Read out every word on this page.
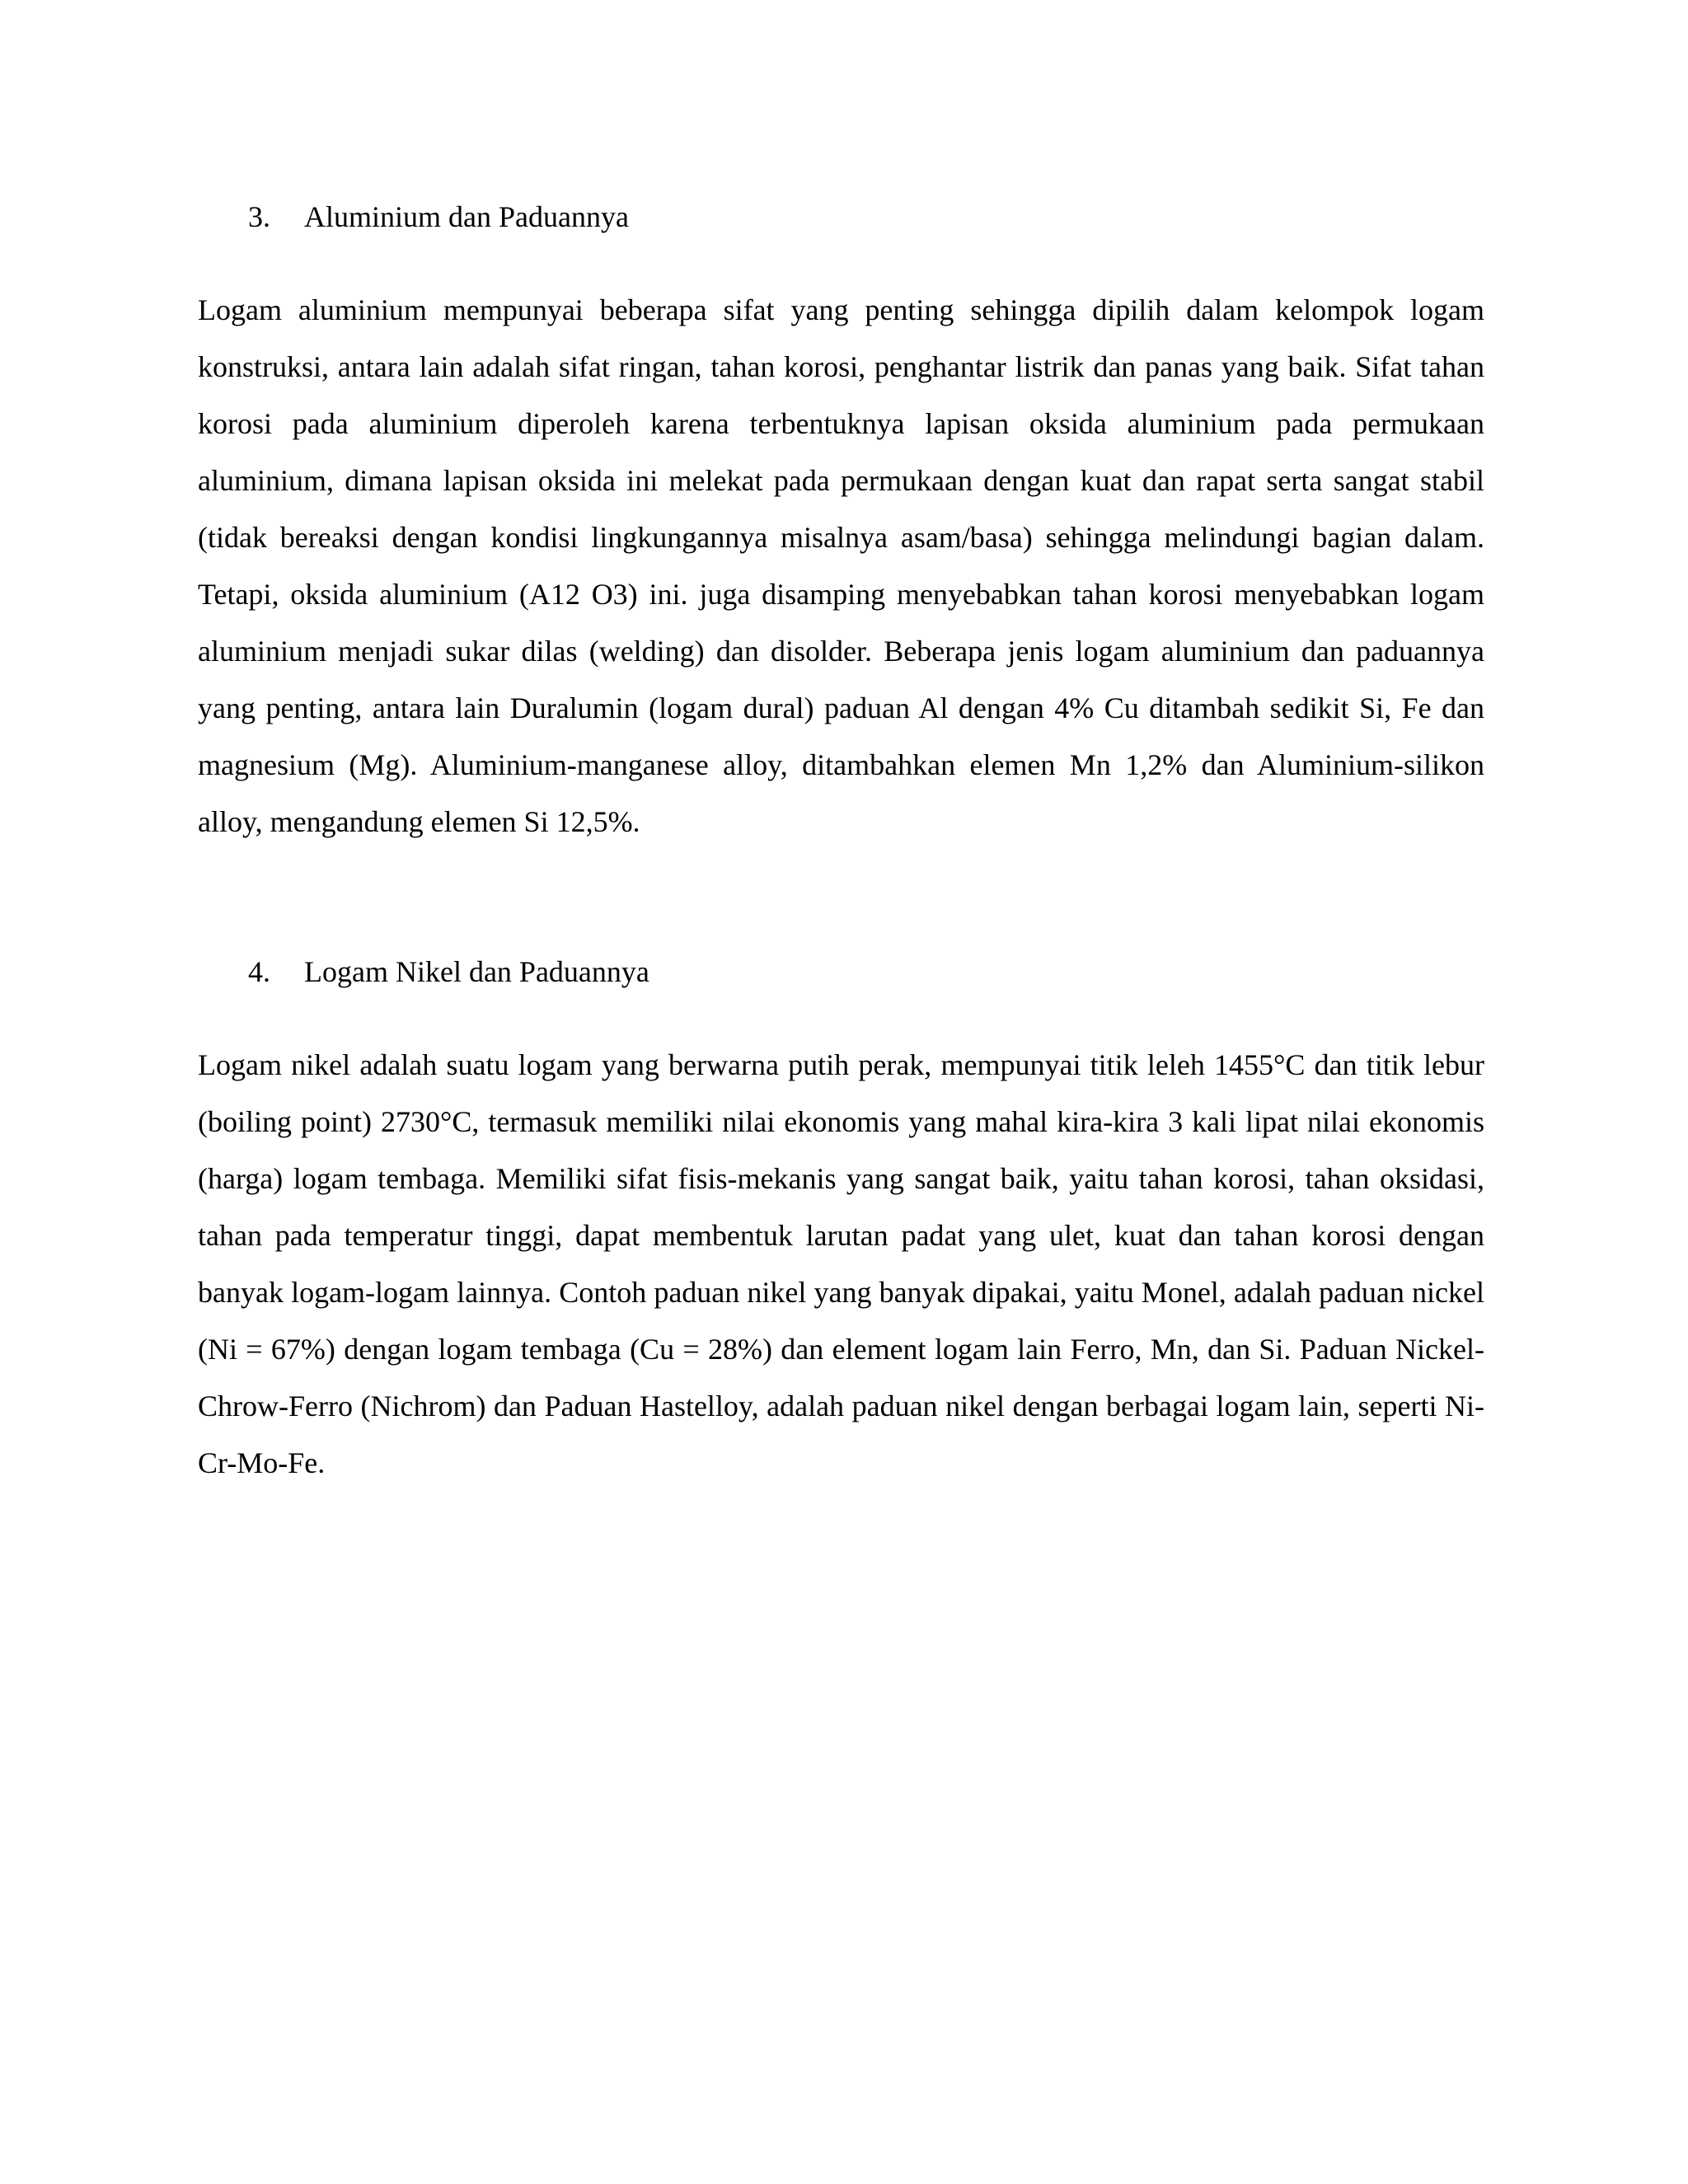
3. Aluminium dan Paduannya

Logam aluminium mempunyai beberapa sifat yang penting sehingga dipilih dalam kelompok logam konstruksi, antara lain adalah sifat ringan, tahan korosi, penghantar listrik dan panas yang baik. Sifat tahan korosi pada aluminium diperoleh karena terbentuknya lapisan oksida aluminium pada permukaan aluminium, dimana lapisan oksida ini melekat pada permukaan dengan kuat dan rapat serta sangat stabil (tidak bereaksi dengan kondisi lingkungannya misalnya asam/basa) sehingga melindungi bagian dalam. Tetapi, oksida aluminium (A12 O3) ini. juga disamping menyebabkan tahan korosi menyebabkan logam aluminium menjadi sukar dilas (welding) dan disolder. Beberapa jenis logam aluminium dan paduannya yang penting, antara lain Duralumin (logam dural) paduan Al dengan 4% Cu ditambah sedikit Si, Fe dan magnesium (Mg). Aluminium-manganese alloy, ditambahkan elemen Mn 1,2% dan Aluminium-silikon alloy, mengandung elemen Si 12,5%.

4. Logam Nikel dan Paduannya

Logam nikel adalah suatu logam yang berwarna putih perak, mempunyai titik leleh 1455°C dan titik lebur (boiling point) 2730°C, termasuk memiliki nilai ekonomis yang mahal kira-kira 3 kali lipat nilai ekonomis (harga) logam tembaga. Memiliki sifat fisis-mekanis yang sangat baik, yaitu tahan korosi, tahan oksidasi, tahan pada temperatur tinggi, dapat membentuk larutan padat yang ulet, kuat dan tahan korosi dengan banyak logam-logam lainnya. Contoh paduan nikel yang banyak dipakai, yaitu Monel, adalah paduan nickel (Ni = 67%) dengan logam tembaga (Cu = 28%) dan element logam lain Ferro, Mn, dan Si. Paduan Nickel-Chrow-Ferro (Nichrom) dan Paduan Hastelloy, adalah paduan nikel dengan berbagai logam lain, seperti Ni-Cr-Mo-Fe.
